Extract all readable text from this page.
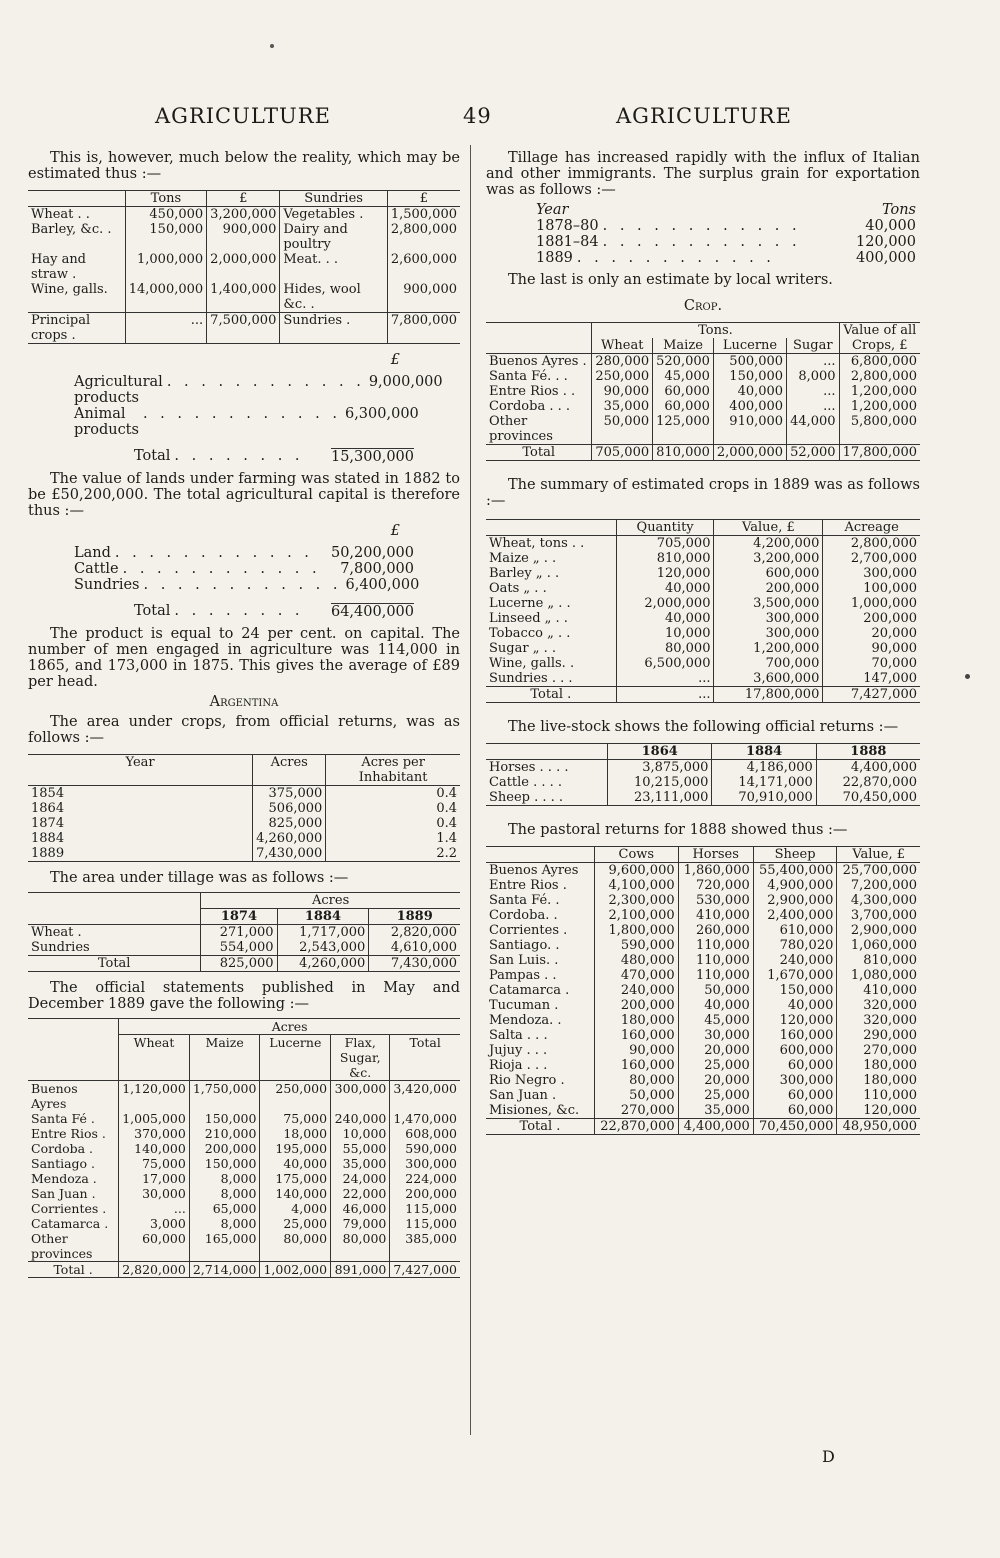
AGRICULTURE	49	AGRICULTURE

This is, however, much below the reality, which may be estimated thus :—

	Tons	£	Sundries	£
Wheat . .	450,000	3,200,000	Vegetables .	1,500,000
Barley, &c. .	150,000	900,000	Dairy and poultry	2,800,000
Hay and straw .	1,000,000	2,000,000	Meat. . .	2,600,000
Wine, galls.	14,000,000	1,400,000	Hides, wool &c. .	900,000
Principal crops .	...	7,500,000	Sundries .	7,800,000
£
Agricultural products
. . . . . . . . . . . . 9,000,000
Animal products
. . . . . . . . . . . . 6,300,000
Total . . . . . . . .	15,300,000

The value of lands under farming was stated in 1882 to be £50,200,000. The total agricultural capital is therefore thus :—

£
Land . . . . . . . . . . . .	50,200,000
Cattle . . . . . . . . . . . .	7,800,000
Sundries . . . . . . . . . . . . 6,400,000
Total . . . . . . . .	64,400,000

The product is equal to 24 per cent. on capital. The number of men engaged in agriculture was 114,000 in 1865, and 173,000 in 1875. This gives the average of £89 per head.

Argentina

The area under crops, from official returns, was as follows :—

Year	Acres	Acres per Inhabitant
1854	375,000	0.4
1864	506,000	0.4
1874	825,000	0.4
1884	4,260,000	1.4
1889	7,430,000	2.2

The area under tillage was as follows :—

	Acres		
	1874	1884	1889
Wheat .	271,000	1,717,000	2,820,000
Sundries	554,000	2,543,000	4,610,000
Total	825,000	4,260,000	7,430,000

The official statements published in May and December 1889 gave the following :—

	Acres				
	Wheat	Maize	Lucerne	Flax, Sugar, &c.	Total
Buenos Ayres	1,120,000	1,750,000	250,000	300,000	3,420,000
Santa Fé .	1,005,000	150,000	75,000	240,000	1,470,000
Entre Rios .	370,000	210,000	18,000	10,000	608,000
Cordoba .	140,000	200,000	195,000	55,000	590,000
Santiago .	75,000	150,000	40,000	35,000	300,000
Mendoza .	17,000	8,000	175,000	24,000	224,000
San Juan .	30,000	8,000	140,000	22,000	200,000
Corrientes .	...	65,000	4,000	46,000	115,000
Catamarca .	3,000	8,000	25,000	79,000	115,000
Other provinces	60,000	165,000	80,000	80,000	385,000
Total .	2,820,000	2,714,000	1,002,000	891,000	7,427,000

Tillage has increased rapidly with the influx of Italian and other immigrants. The surplus grain for exportation was as follows :—

Year	Tons
1878–80 . . . . . . . . . . . .	40,000
1881–84 . . . . . . . . . . . .	120,000
1889 . . . . . . . . . . . .	400,000

The last is only an estimate by local writers.

Crop.
	Tons.				Value of all Crops, £
	Wheat	Maize	Lucerne	Sugar	
Buenos Ayres .	280,000	520,000	500,000	...	6,800,000
Santa Fé. . .	250,000	45,000	150,000	8,000	2,800,000
Entre Rios . .	90,000	60,000	40,000	...	1,200,000
Cordoba . . .	35,000	60,000	400,000	...	1,200,000
Other provinces	50,000	125,000	910,000	44,000	5,800,000
Total	705,000	810,000	2,000,000	52,000	17,800,000

The summary of estimated crops in 1889 was as follows :—

	Quantity	Value, £	Acreage
Wheat, tons . .	705,000	4,200,000	2,800,000
Maize „ . .	810,000	3,200,000	2,700,000
Barley „ . .	120,000	600,000	300,000
Oats „ . .	40,000	200,000	100,000
Lucerne „ . .	2,000,000	3,500,000	1,000,000
Linseed „ . .	40,000	300,000	200,000
Tobacco „ . .	10,000	300,000	20,000
Sugar „ . .	80,000	1,200,000	90,000
Wine, galls. .	6,500,000	700,000	70,000
Sundries . . .	...	3,600,000	147,000
Total .	...	17,800,000	7,427,000

The live-stock shows the following official returns :—

	1864	1884	1888
Horses . . . .	3,875,000	4,186,000	4,400,000
Cattle . . . .	10,215,000	14,171,000	22,870,000
Sheep . . . .	23,111,000	70,910,000	70,450,000

The pastoral returns for 1888 showed thus :—

	Cows	Horses	Sheep	Value, £
Buenos Ayres	9,600,000	1,860,000	55,400,000	25,700,000
Entre Rios .	4,100,000	720,000	4,900,000	7,200,000
Santa Fé. .	2,300,000	530,000	2,900,000	4,300,000
Cordoba. .	2,100,000	410,000	2,400,000	3,700,000
Corrientes .	1,800,000	260,000	610,000	2,900,000
Santiago. .	590,000	110,000	780,020	1,060,000
San Luis. .	480,000	110,000	240,000	810,000
Pampas . .	470,000	110,000	1,670,000	1,080,000
Catamarca .	240,000	50,000	150,000	410,000
Tucuman .	200,000	40,000	40,000	320,000
Mendoza. .	180,000	45,000	120,000	320,000
Salta . . .	160,000	30,000	160,000	290,000
Jujuy . . .	90,000	20,000	600,000	270,000
Rioja . . .	160,000	25,000	60,000	180,000
Rio Negro .	80,000	20,000	300,000	180,000
San Juan .	50,000	25,000	60,000	110,000
Misiones, &c.	270,000	35,000	60,000	120,000
Total .	22,870,000	4,400,000	70,450,000	48,950,000
D
